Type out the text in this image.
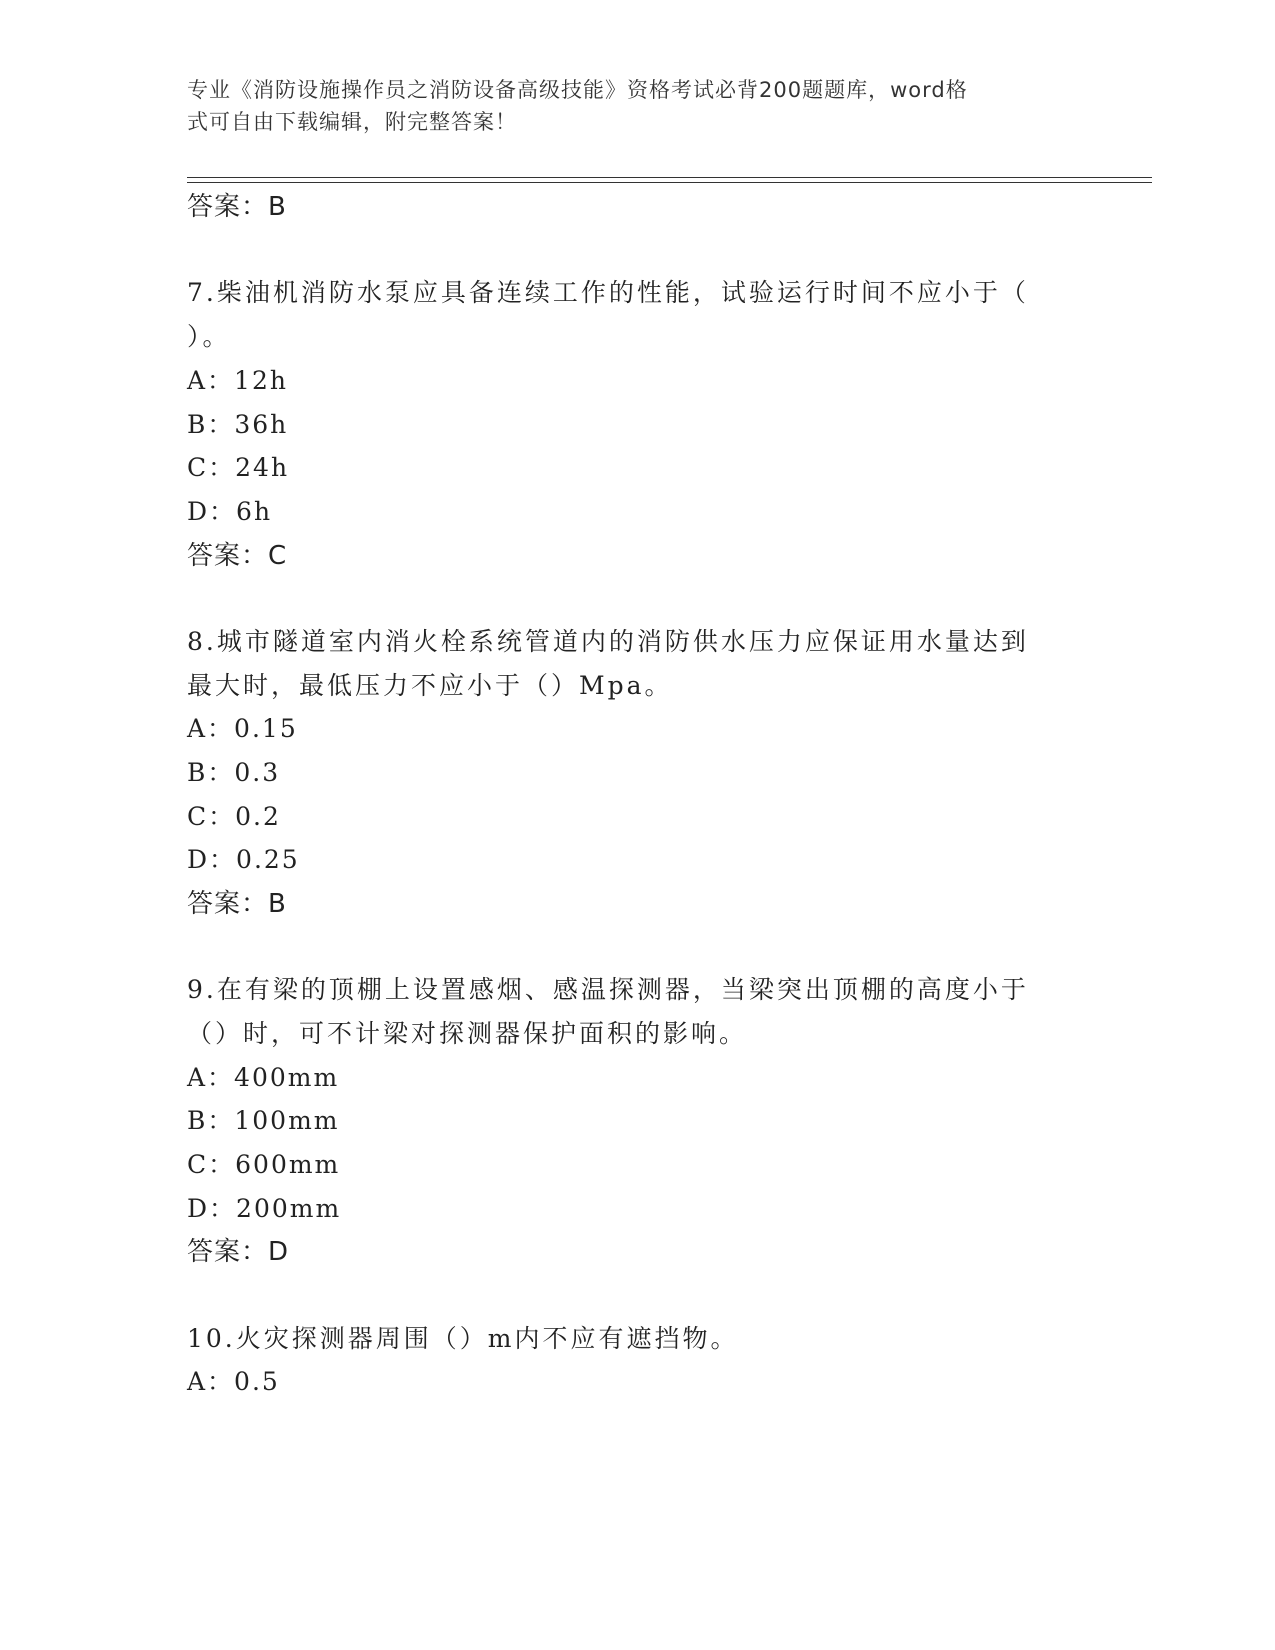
专业《消防设施操作员之消防设备高级技能》资格考试必背200题题库，word格
式可自由下载编辑，附完整答案！
答案：B
7.柴油机消防水泵应具备连续工作的性能，试验运行时间不应小于（
）。
A：12h
B：36h
C：24h
D：6h
答案：C
8.城市隧道室内消火栓系统管道内的消防供水压力应保证用水量达到
最大时，最低压力不应小于（）Mpa。
A：0.15
B：0.3
C：0.2
D：0.25
答案：B
9.在有梁的顶棚上设置感烟、感温探测器，当梁突出顶棚的高度小于
（）时，可不计梁对探测器保护面积的影响。
A：400mm
B：100mm
C：600mm
D：200mm
答案：D
10.火灾探测器周围（）m内不应有遮挡物。
A：0.5
